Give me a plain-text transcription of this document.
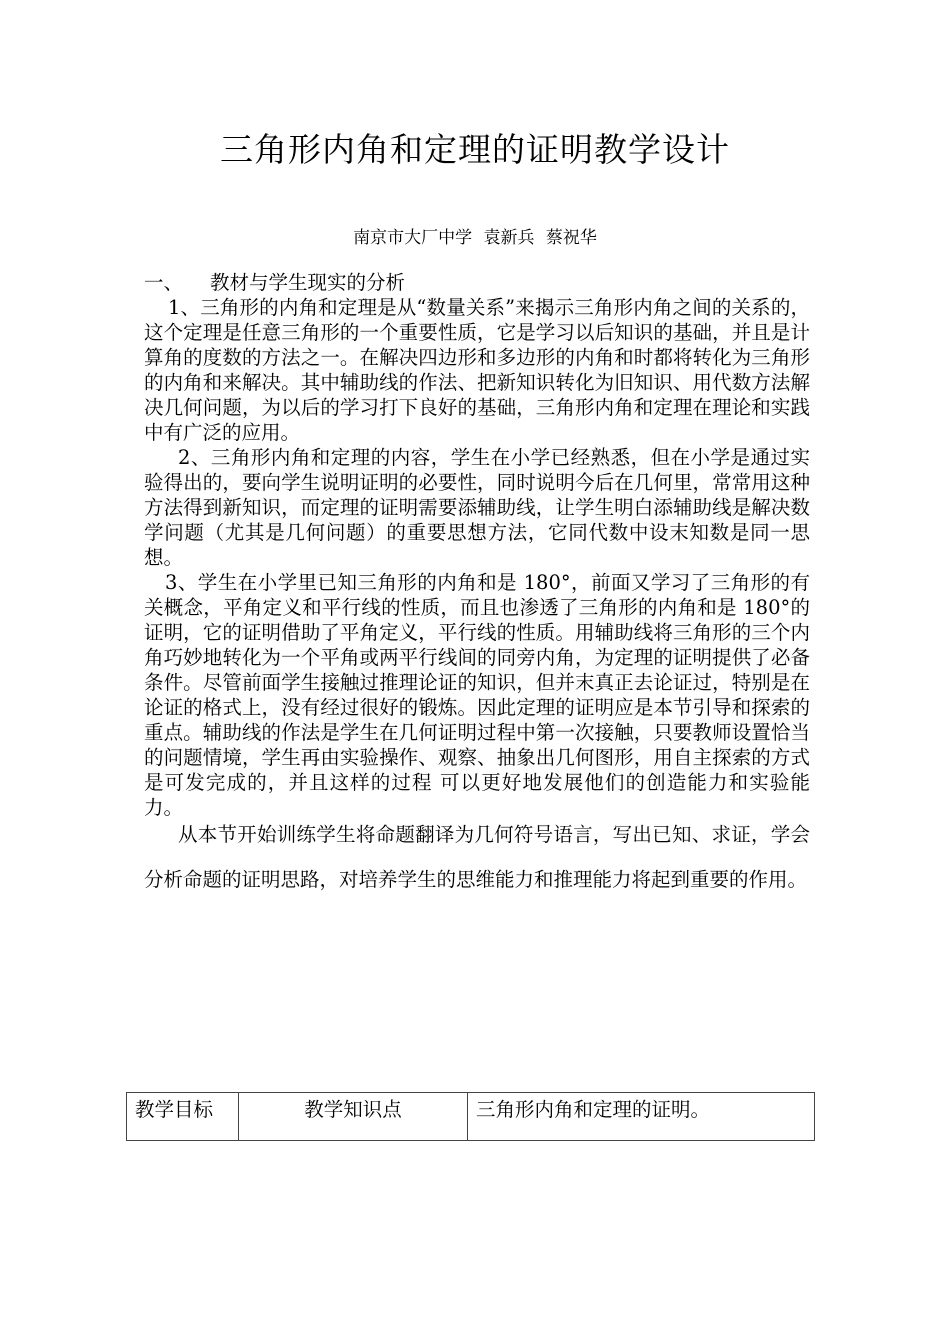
三角形内角和定理的证明教学设计
南京市大厂中学 袁新兵 蔡祝华

一、	教材与学生现实的分析

1、三角形的内角和定理是从“数量关系”来揭示三角形内角之间的关系的，这个定理是任意三角形的一个重要性质，它是学习以后知识的基础，并且是计算角的度数的方法之一。在解决四边形和多边形的内角和时都将转化为三角形的内角和来解决。其中辅助线的作法、把新知识转化为旧知识、用代数方法解决几何问题，为以后的学习打下良好的基础，三角形内角和定理在理论和实践中有广泛的应用。

2、三角形内角和定理的内容，学生在小学已经熟悉，但在小学是通过实验得出的，要向学生说明证明的必要性，同时说明今后在几何里，常常用这种方法得到新知识，而定理的证明需要添辅助线，让学生明白添辅助线是解决数学问题（尤其是几何问题）的重要思想方法，它同代数中设末知数是同一思想。

3、学生在小学里已知三角形的内角和是 180°，前面又学习了三角形的有关概念，平角定义和平行线的性质，而且也渗透了三角形的内角和是 180°的证明，它的证明借助了平角定义，平行线的性质。用辅助线将三角形的三个内角巧妙地转化为一个平角或两平行线间的同旁内角，为定理的证明提供了必备条件。尽管前面学生接触过推理论证的知识，但并末真正去论证过，特别是在论证的格式上，没有经过很好的锻炼。因此定理的证明应是本节引导和探索的重点。辅助线的作法是学生在几何证明过程中第一次接触，只要教师设置恰当的问题情境，学生再由实验操作、观察、抽象出几何图形，用自主探索的方式是可发完成的，并且这样的过程 可以更好地发展他们的创造能力和实验能力。

从本节开始训练学生将命题翻译为几何符号语言，写出已知、求证，学会分析命题的证明思路，对培养学生的思维能力和推理能力将起到重要的作用。

教学目标	教学知识点	三角形内角和定理的证明。
